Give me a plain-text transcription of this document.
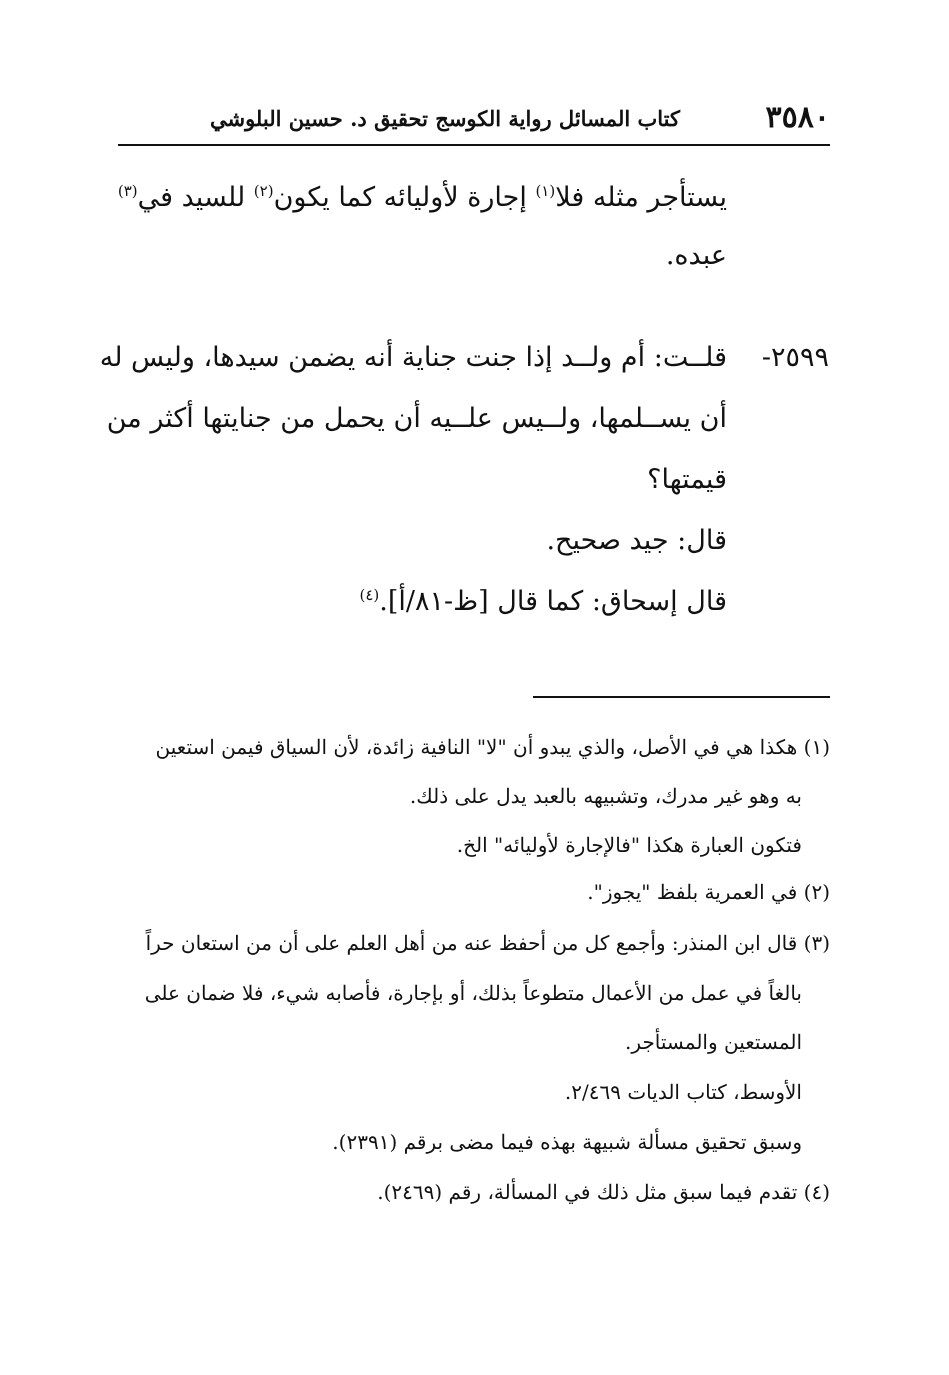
٣٥٨٠
كتاب المسائل رواية الكوسج تحقيق د. حسين البلوشي
يستأجر مثله فلا$^{(١)}$ إجارة لأوليائه كما يكون$^{(٢)}$ للسيد في$^{(٣)}$
عبده.
٢٥٩٩-
قلــت: أم ولــد إذا جنت جناية أنه يضمن سيدها، وليس له
أن يســلمها، ولــيس علــيه أن يحمل من جنايتها أكثر من
قيمتها؟
قال: جيد صحيح.
قال إسحاق: كما قال [ظ-٨١/أ].$^{(٤)}$
(١) هكذا هي في الأصل، والذي يبدو أن "لا" النافية زائدة، لأن السياق فيمن استعين
به وهو غير مدرك، وتشبيهه بالعبد يدل على ذلك.
فتكون العبارة هكذا "فالإجارة لأوليائه" الخ.
(٢) في العمرية بلفظ "يجوز".
(٣) قال ابن المنذر: وأجمع كل من أحفظ عنه من أهل العلم على أن من استعان حراً
بالغاً في عمل من الأعمال متطوعاً بذلك، أو بإجارة، فأصابه شيء، فلا ضمان على
المستعين والمستأجر.
الأوسط، كتاب الديات ٢/٤٦٩.
وسبق تحقيق مسألة شبيهة بهذه فيما مضى برقم (٢٣٩١).
(٤) تقدم فيما سبق مثل ذلك في المسألة، رقم (٢٤٦٩).
